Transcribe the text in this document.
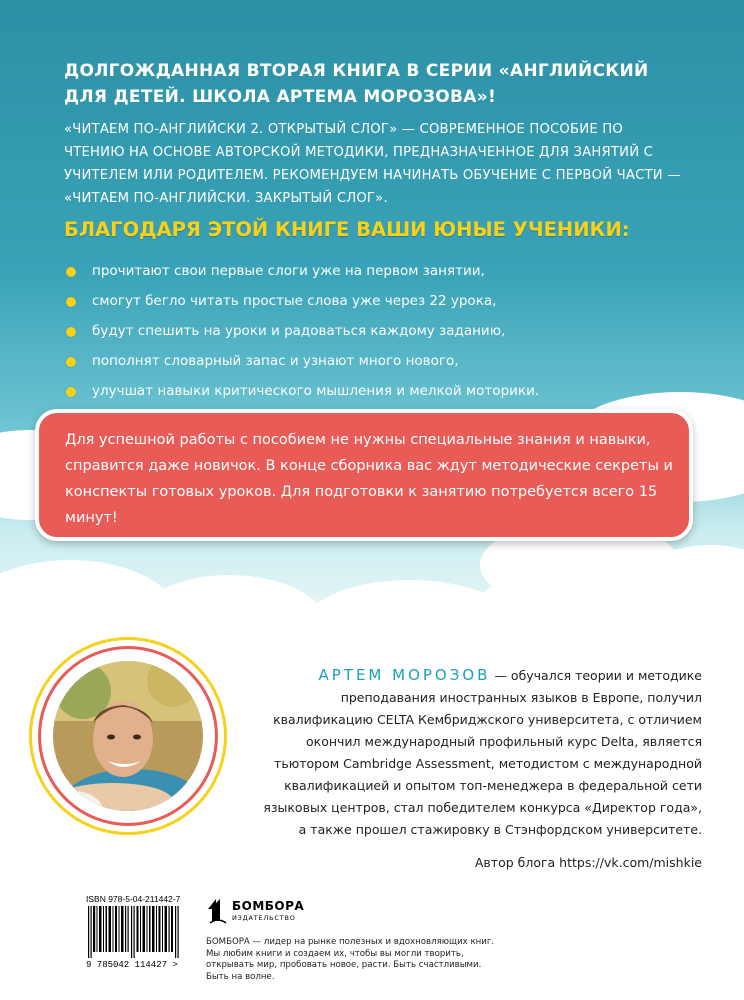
ДОЛГОЖДАННАЯ ВТОРАЯ КНИГА В СЕРИИ «АНГЛИЙСКИЙ ДЛЯ ДЕТЕЙ. ШКОЛА АРТЕМА МОРОЗОВА»!
«ЧИТАЕМ ПО-АНГЛИЙСКИ 2. ОТКРЫТЫЙ СЛОГ» — СОВРЕМЕННОЕ ПОСОБИЕ ПО ЧТЕНИЮ НА ОСНОВЕ АВТОРСКОЙ МЕТОДИКИ, ПРЕДНАЗНАЧЕННОЕ ДЛЯ ЗАНЯТИЙ С УЧИТЕЛЕМ ИЛИ РОДИТЕЛЕМ. РЕКОМЕНДУЕМ НАЧИНАТЬ ОБУЧЕНИЕ С ПЕРВОЙ ЧАСТИ — «ЧИТАЕМ ПО-АНГЛИЙСКИ. ЗАКРЫТЫЙ СЛОГ».
БЛАГОДАРЯ ЭТОЙ КНИГЕ ВАШИ ЮНЫЕ УЧЕНИКИ:
прочитают свои первые слоги уже на первом занятии,
смогут бегло читать простые слова уже через 22 урока,
будут спешить на уроки и радоваться каждому заданию,
пополнят словарный запас и узнают много нового,
улучшат навыки критического мышления и мелкой моторики.
Для успешной работы с пособием не нужны специальные знания и навыки, справится даже новичок. В конце сборника вас ждут методические секреты и конспекты готовых уроков. Для подготовки к занятию потребуется всего 15 минут!
АРТЕМ МОРОЗОВ — обучался теории и методике преподавания иностранных языков в Европе, получил квалификацию CELTA Кембриджского университета, с отличием окончил международный профильный курс Delta, является тьютором Cambridge Assessment, методистом с международной квалификацией и опытом топ-менеджера в федеральной сети языковых центров, стал победителем конкурса «Директор года», а также прошел стажировку в Стэнфордском университете.
Автор блога https://vk.com/mishkie
ISBN 978-5-04-211442-7
9 785042 114427 >
БОМБОРА
ИЗДАТЕЛЬСТВО
БОМБОРА — лидер на рынке полезных и вдохновляющих книг. Мы любим книги и создаем их, чтобы вы могли творить, открывать мир, пробовать новое, расти. Быть счастливыми. Быть на волне.
